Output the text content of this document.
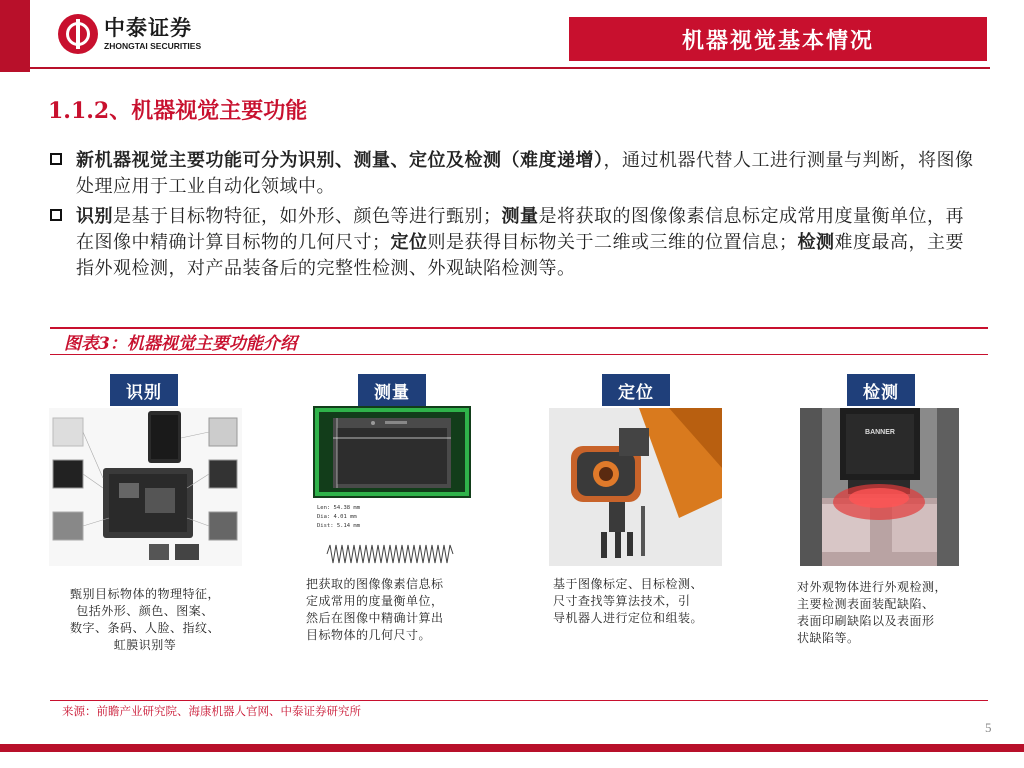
中泰证券
ZHONGTAI SECURITIES	机器视觉基本情况
1.1.2、机器视觉主要功能
新机器视觉主要功能可分为识别、测量、定位及检测（难度递增），通过机器代替人工进行测量与判断，将图像处理应用于工业自动化领域中。
识别是基于目标物特征，如外形、颜色等进行甄别；测量是将获取的图像像素信息标定成常用度量衡单位，再在图像中精确计算目标物的几何尺寸；定位则是获得目标物关于二维或三维的位置信息；检测难度最高，主要指外观检测，对产品装备后的完整性检测、外观缺陷检测等。
图表3：机器视觉主要功能介绍
识别
甄别目标物体的物理特征，
包括外形、颜色、图案、
数字、条码、人脸、指纹、
虹膜识别等
测量
Len: 54.38 mm
Dia: 4.01 mm
Dist: 5.14 mm
把获取的图像像素信息标
定成常用的度量衡单位，
然后在图像中精确计算出
目标物体的几何尺寸。
定位
基于图像标定、目标检测、
尺寸查找等算法技术，引
导机器人进行定位和组装。
检测
BANNER
对外观物体进行外观检测，
主要检测表面装配缺陷、
表面印刷缺陷以及表面形
状缺陷等。
来源：前瞻产业研究院、海康机器人官网、中泰证券研究所
5
